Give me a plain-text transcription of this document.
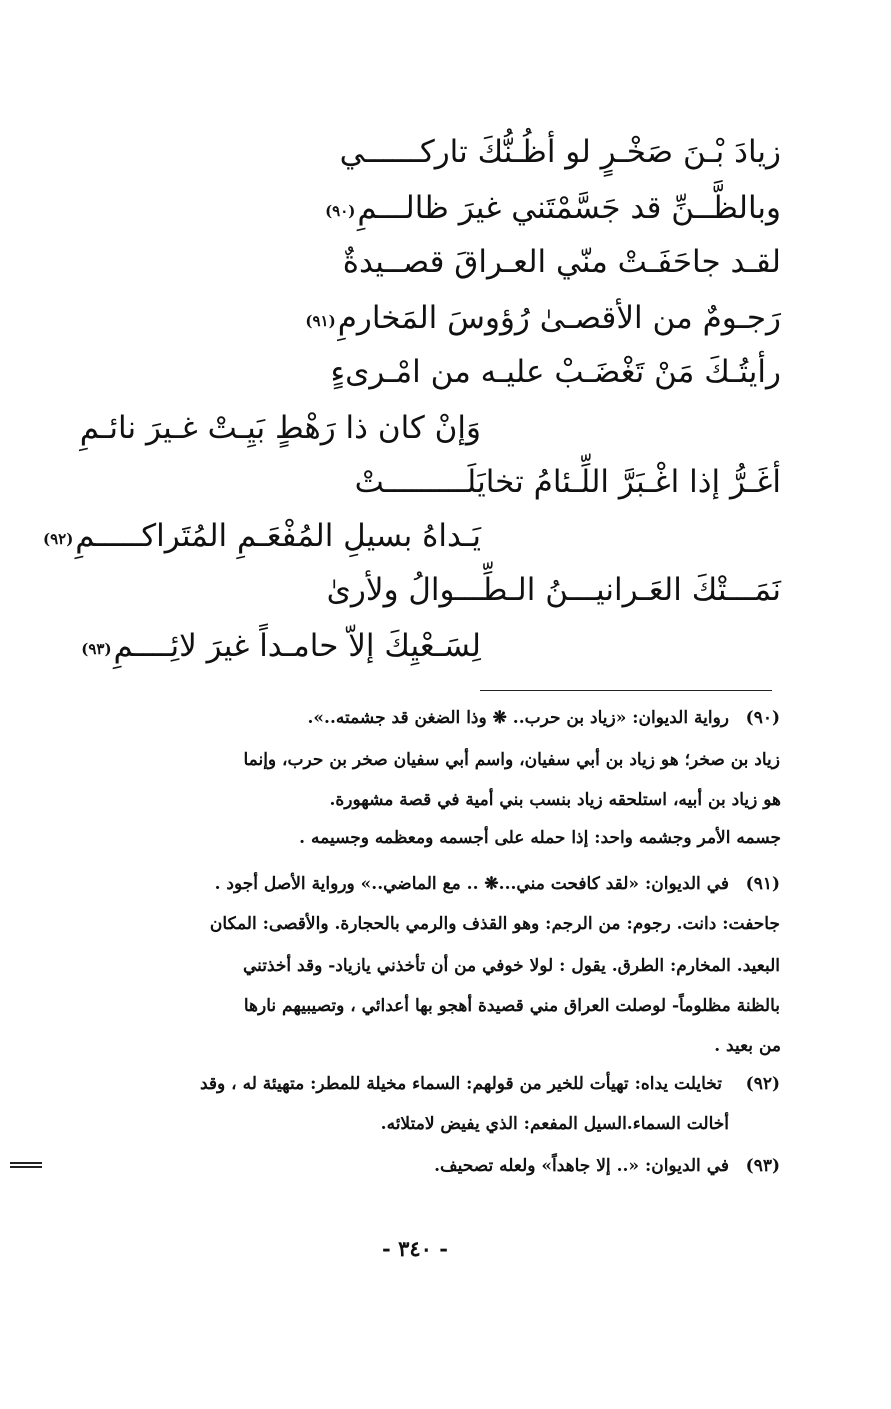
زيادَ بْـنَ صَخْـرٍ لو أظُـنُّكَ تاركــــــي
وبالظَّــنِّ قد جَسَّمْتَني غيرَ ظالـــمِ(٩٠)
لقـد جاحَفَـتْ منّي العـراقَ قصــيدةٌ
رَجـومٌ من الأقصـىٰ رُؤوسَ المَخارمِ(٩١)
رأيتُـكَ مَنْ تَغْضَـبْ عليـه من امْـرىءٍ
وَإنْ كان ذا رَهْطٍ بَيِـتْ غـيرَ نائـمِ
أغَـرُّ إذا اغْـبَرَّ اللِّـئامُ تخايَلَـــــــــتْ
يَـداهُ بسيلِ المُفْعَـمِ المُتَراكـــــمِ(٩٢)
نَمَـــتْكَ العَـرانيـــنُ الـطِّـــوالُ ولأرىٰ
لِسَـعْيِكَ إلاّ حامـداً غيرَ لائِــــمِ(٩٣)
(٩٠)
رواية الديوان: «زياد بن حرب.. ❋ وذا الضغن قد جشمته..».
زياد بن صخر؛ هو زياد بن أبي سفيان، واسم أبي سفيان صخر بن حرب، وإنما
هو زياد بن أبيه، استلحقه زياد بنسب بني أمية في قصة مشهورة.
جسمه الأمر وجشمه واحد: إذا حمله على أجسمه ومعظمه وجسيمه .
(٩١)
في الديوان: «لقد كافحت مني...❋ .. مع الماضي..» ورواية الأصل أجود .
جاحفت: دانت. رجوم: من الرجم: وهو القذف والرمي بالحجارة. والأقصى: المكان
البعيد. المخارم: الطرق. يقول : لولا خوفي من أن تأخذني يازياد- وقد أخذتني
بالظنة مظلوماً- لوصلت العراق مني قصيدة أهجو بها أعدائي ، وتصيبيهم نارها
من بعيد .
(٩٢)
تخايلت يداه: تهيأت للخير من قولهم: السماء مخيلة للمطر: متهيئة له ، وقد
أخالت السماء.السيل المفعم: الذي يفيض لامتلائه.
(٩٣)
في الديوان: «.. إلا جاهداً» ولعله تصحيف.
- ٣٤٠ -
